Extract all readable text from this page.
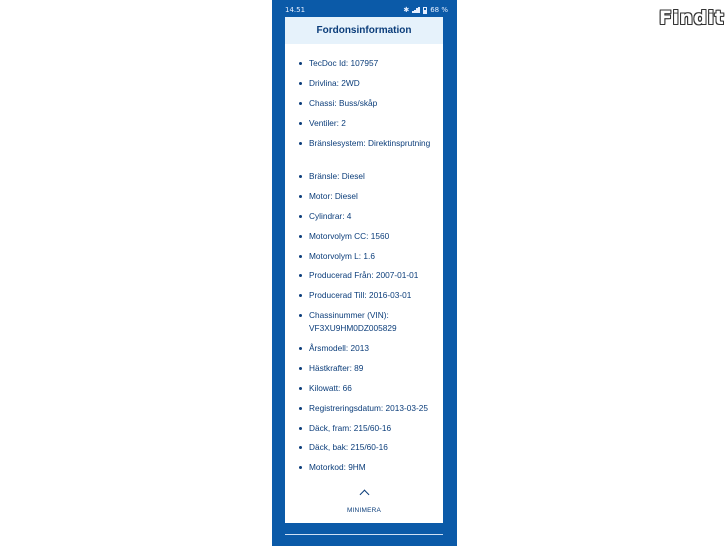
14.51	✱	68 %
Fordonsinformation
TecDoc Id: 107957
Drivlina: 2WD
Chassi: Buss/skåp
Ventiler: 2
Bränslesystem: Direktinsprutning
Bränsle: Diesel
Motor: Diesel
Cylindrar: 4
Motorvolym CC: 1560
Motorvolym L: 1.6
Producerad Från: 2007-01-01
Producerad Till: 2016-03-01
Chassinummer (VIN): VF3XU9HM0DZ005829
Årsmodell: 2013
Hästkrafter: 89
Kilowatt: 66
Registreringsdatum: 2013-03-25
Däck, fram: 215/60-16
Däck, bak: 215/60-16
Motorkod: 9HM
MINIMERA
Findit
